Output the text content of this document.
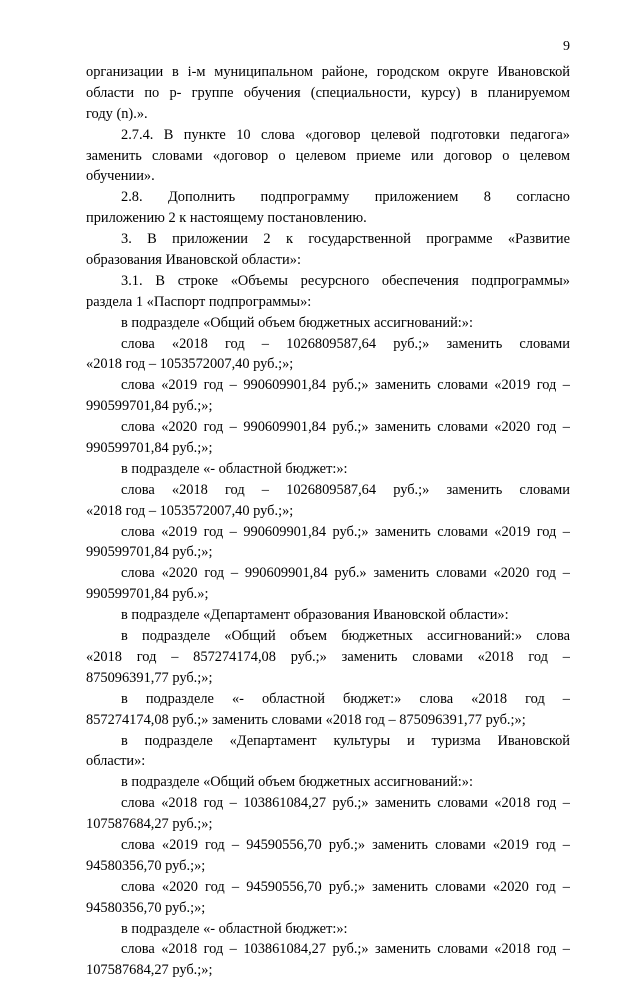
9
организации в i-м муниципальном районе, городском округе Ивановской
области по p- группе обучения (специальности, курсу) в планируемом
году (n).».
2.7.4. В пункте 10 слова «договор целевой подготовки педагога»
заменить словами «договор о целевом приеме или договор о целевом
обучении».
2.8. Дополнить подпрограмму приложением 8 согласно
приложению 2 к настоящему постановлению.
3. В приложении 2 к государственной программе «Развитие
образования Ивановской области»:
3.1. В строке «Объемы ресурсного обеспечения подпрограммы»
раздела 1 «Паспорт подпрограммы»:
в подразделе «Общий объем бюджетных ассигнований:»:
слова «2018 год – 1026809587,64 руб.;» заменить словами
«2018 год – 1053572007,40 руб.;»;
слова «2019 год – 990609901,84 руб.;» заменить словами «2019 год –
990599701,84 руб.;»;
слова «2020 год – 990609901,84 руб.;» заменить словами «2020 год –
990599701,84 руб.;»;
в подразделе «- областной бюджет:»:
слова «2018 год – 1026809587,64 руб.;» заменить словами
«2018 год – 1053572007,40 руб.;»;
слова «2019 год – 990609901,84 руб.;» заменить словами «2019 год –
990599701,84 руб.;»;
слова «2020 год – 990609901,84 руб.» заменить словами «2020 год –
990599701,84 руб.»;
в подразделе «Департамент образования Ивановской области»:
в подразделе «Общий объем бюджетных ассигнований:» слова
«2018 год – 857274174,08 руб.;» заменить словами «2018 год –
875096391,77 руб.;»;
в подразделе «- областной бюджет:» слова «2018 год –
857274174,08 руб.;» заменить словами «2018 год – 875096391,77 руб.;»;
в подразделе «Департамент культуры и туризма Ивановской
области»:
в подразделе «Общий объем бюджетных ассигнований:»:
слова «2018 год – 103861084,27 руб.;» заменить словами «2018 год –
107587684,27 руб.;»;
слова «2019 год – 94590556,70 руб.;» заменить словами «2019 год –
94580356,70 руб.;»;
слова «2020 год – 94590556,70 руб.;» заменить словами «2020 год –
94580356,70 руб.;»;
в подразделе «- областной бюджет:»:
слова «2018 год – 103861084,27 руб.;» заменить словами «2018 год –
107587684,27 руб.;»;
